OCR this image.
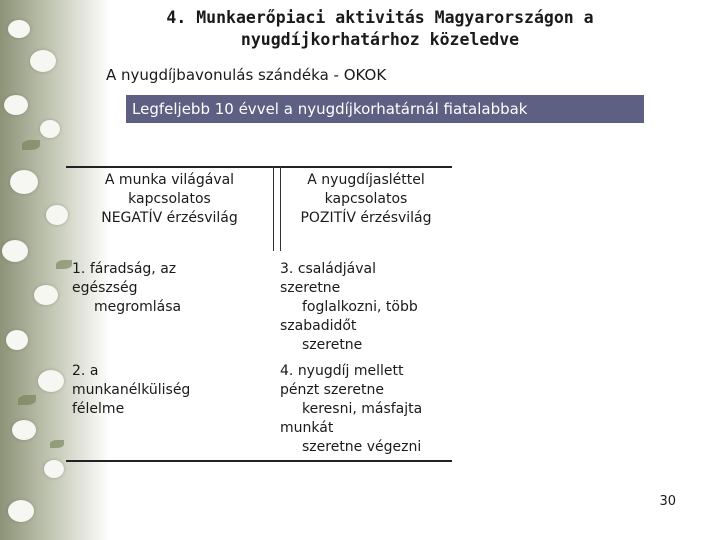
4. Munkaerőpiaci aktivitás Magyarországon a
nyugdíjkorhatárhoz közeledve
A nyugdíjbavonulás szándéka - OKOK
Legfeljebb 10 évvel a nyugdíjkorhatárnál fiatalabbak
A munka világával
kapcsolatos
NEGATÍV érzésvilág
A nyugdíjasléttel
kapcsolatos
POZITÍV érzésvilág
1. fáradság, az
egészség
megromlása
2. a
munkanélküliség
félelme
3. családjával
szeretne
foglalkozni, több
szabadidőt
szeretne
4. nyugdíj mellett
pénzt szeretne
keresni, másfajta
munkát
szeretne végezni
30
